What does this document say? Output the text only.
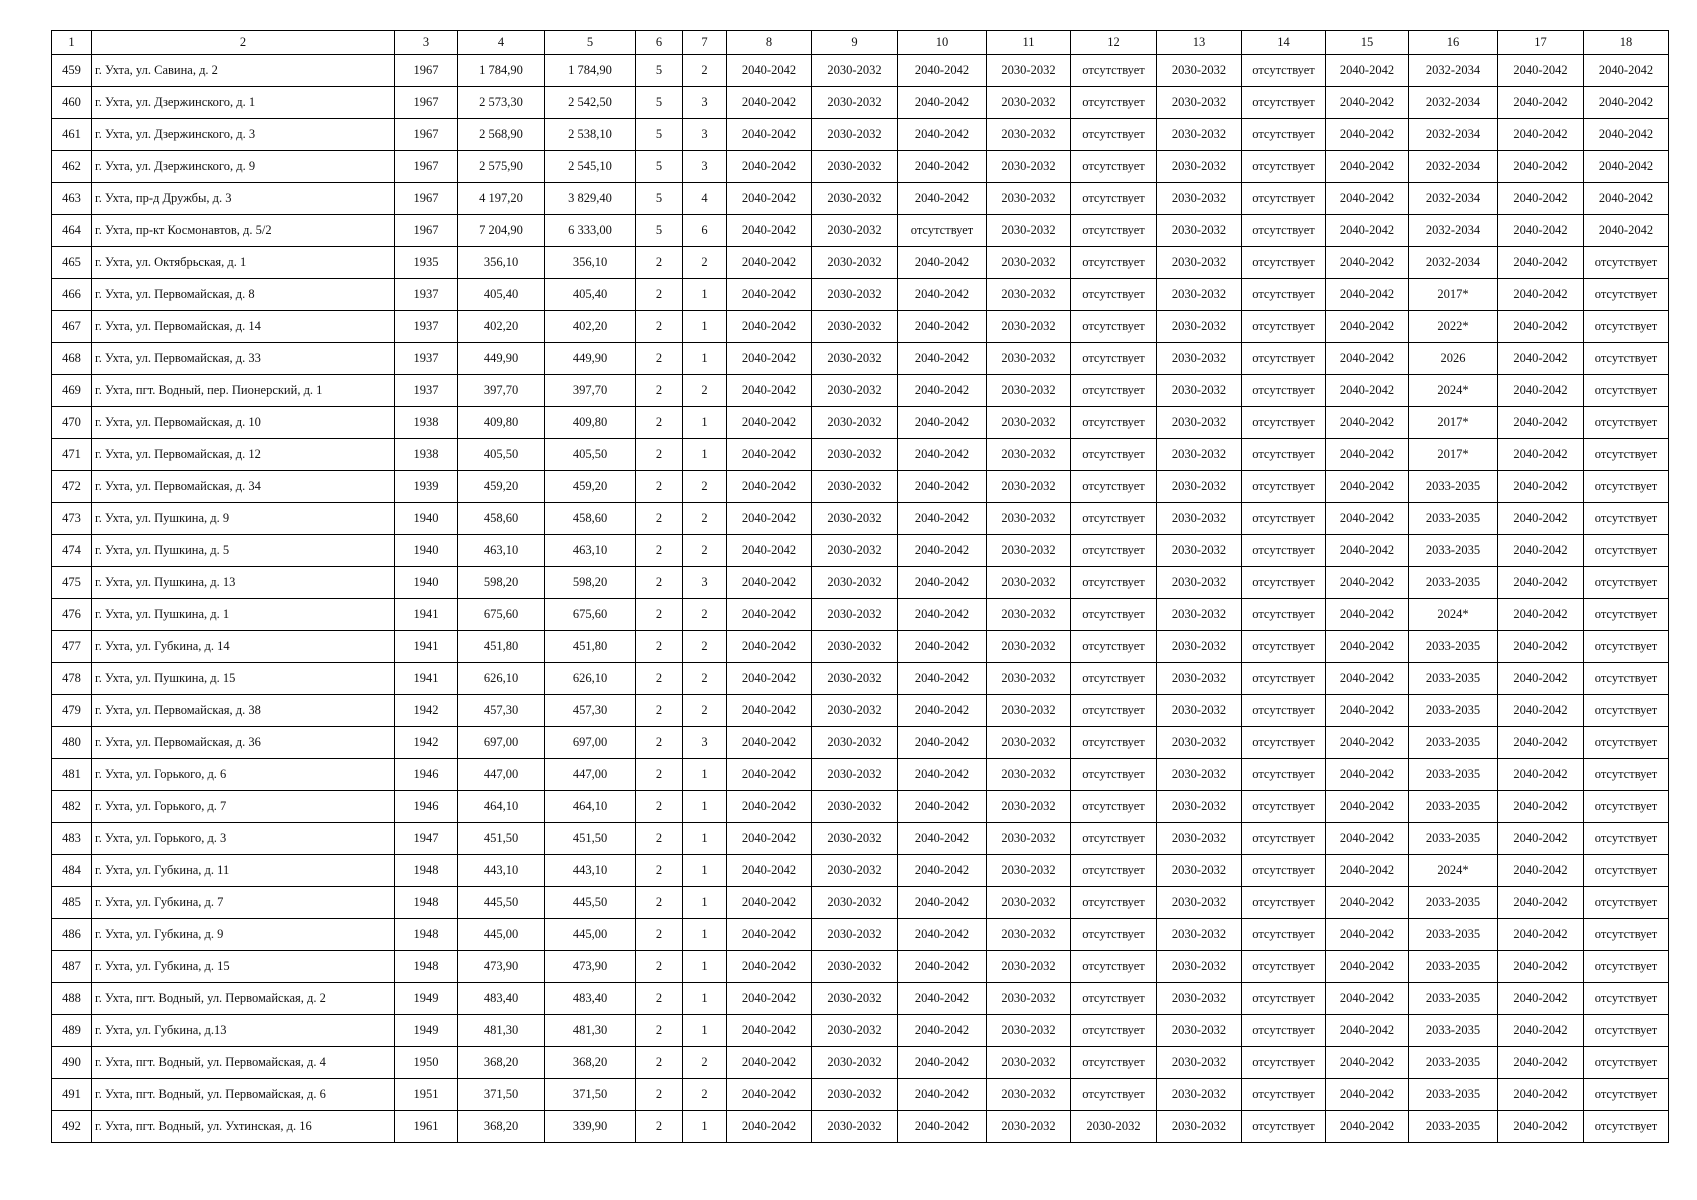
1	2	3	4	5	6	7	8	9	10	11	12	13	14	15	16	17	18
459	г. Ухта, ул. Савина, д. 2	1967	1 784,90	1 784,90	5	2	2040-2042	2030-2032	2040-2042	2030-2032	отсутствует	2030-2032	отсутствует	2040-2042	2032-2034	2040-2042	2040-2042
460	г. Ухта, ул. Дзержинского, д. 1	1967	2 573,30	2 542,50	5	3	2040-2042	2030-2032	2040-2042	2030-2032	отсутствует	2030-2032	отсутствует	2040-2042	2032-2034	2040-2042	2040-2042
461	г. Ухта, ул. Дзержинского, д. 3	1967	2 568,90	2 538,10	5	3	2040-2042	2030-2032	2040-2042	2030-2032	отсутствует	2030-2032	отсутствует	2040-2042	2032-2034	2040-2042	2040-2042
462	г. Ухта, ул. Дзержинского, д. 9	1967	2 575,90	2 545,10	5	3	2040-2042	2030-2032	2040-2042	2030-2032	отсутствует	2030-2032	отсутствует	2040-2042	2032-2034	2040-2042	2040-2042
463	г. Ухта, пр-д Дружбы, д. 3	1967	4 197,20	3 829,40	5	4	2040-2042	2030-2032	2040-2042	2030-2032	отсутствует	2030-2032	отсутствует	2040-2042	2032-2034	2040-2042	2040-2042
464	г. Ухта, пр-кт Космонавтов, д. 5/2	1967	7 204,90	6 333,00	5	6	2040-2042	2030-2032	отсутствует	2030-2032	отсутствует	2030-2032	отсутствует	2040-2042	2032-2034	2040-2042	2040-2042
465	г. Ухта, ул. Октябрьская, д. 1	1935	356,10	356,10	2	2	2040-2042	2030-2032	2040-2042	2030-2032	отсутствует	2030-2032	отсутствует	2040-2042	2032-2034	2040-2042	отсутствует
466	г. Ухта, ул. Первомайская, д. 8	1937	405,40	405,40	2	1	2040-2042	2030-2032	2040-2042	2030-2032	отсутствует	2030-2032	отсутствует	2040-2042	2017*	2040-2042	отсутствует
467	г. Ухта, ул. Первомайская, д. 14	1937	402,20	402,20	2	1	2040-2042	2030-2032	2040-2042	2030-2032	отсутствует	2030-2032	отсутствует	2040-2042	2022*	2040-2042	отсутствует
468	г. Ухта, ул. Первомайская, д. 33	1937	449,90	449,90	2	1	2040-2042	2030-2032	2040-2042	2030-2032	отсутствует	2030-2032	отсутствует	2040-2042	2026	2040-2042	отсутствует
469	г. Ухта, пгт. Водный, пер. Пионерский, д. 1	1937	397,70	397,70	2	2	2040-2042	2030-2032	2040-2042	2030-2032	отсутствует	2030-2032	отсутствует	2040-2042	2024*	2040-2042	отсутствует
470	г. Ухта, ул. Первомайская, д. 10	1938	409,80	409,80	2	1	2040-2042	2030-2032	2040-2042	2030-2032	отсутствует	2030-2032	отсутствует	2040-2042	2017*	2040-2042	отсутствует
471	г. Ухта, ул. Первомайская, д. 12	1938	405,50	405,50	2	1	2040-2042	2030-2032	2040-2042	2030-2032	отсутствует	2030-2032	отсутствует	2040-2042	2017*	2040-2042	отсутствует
472	г. Ухта, ул. Первомайская, д. 34	1939	459,20	459,20	2	2	2040-2042	2030-2032	2040-2042	2030-2032	отсутствует	2030-2032	отсутствует	2040-2042	2033-2035	2040-2042	отсутствует
473	г. Ухта, ул. Пушкина, д. 9	1940	458,60	458,60	2	2	2040-2042	2030-2032	2040-2042	2030-2032	отсутствует	2030-2032	отсутствует	2040-2042	2033-2035	2040-2042	отсутствует
474	г. Ухта, ул. Пушкина, д. 5	1940	463,10	463,10	2	2	2040-2042	2030-2032	2040-2042	2030-2032	отсутствует	2030-2032	отсутствует	2040-2042	2033-2035	2040-2042	отсутствует
475	г. Ухта, ул. Пушкина, д. 13	1940	598,20	598,20	2	3	2040-2042	2030-2032	2040-2042	2030-2032	отсутствует	2030-2032	отсутствует	2040-2042	2033-2035	2040-2042	отсутствует
476	г. Ухта, ул. Пушкина, д. 1	1941	675,60	675,60	2	2	2040-2042	2030-2032	2040-2042	2030-2032	отсутствует	2030-2032	отсутствует	2040-2042	2024*	2040-2042	отсутствует
477	г. Ухта, ул. Губкина, д. 14	1941	451,80	451,80	2	2	2040-2042	2030-2032	2040-2042	2030-2032	отсутствует	2030-2032	отсутствует	2040-2042	2033-2035	2040-2042	отсутствует
478	г. Ухта, ул. Пушкина, д. 15	1941	626,10	626,10	2	2	2040-2042	2030-2032	2040-2042	2030-2032	отсутствует	2030-2032	отсутствует	2040-2042	2033-2035	2040-2042	отсутствует
479	г. Ухта, ул. Первомайская, д. 38	1942	457,30	457,30	2	2	2040-2042	2030-2032	2040-2042	2030-2032	отсутствует	2030-2032	отсутствует	2040-2042	2033-2035	2040-2042	отсутствует
480	г. Ухта, ул. Первомайская, д. 36	1942	697,00	697,00	2	3	2040-2042	2030-2032	2040-2042	2030-2032	отсутствует	2030-2032	отсутствует	2040-2042	2033-2035	2040-2042	отсутствует
481	г. Ухта, ул. Горького, д. 6	1946	447,00	447,00	2	1	2040-2042	2030-2032	2040-2042	2030-2032	отсутствует	2030-2032	отсутствует	2040-2042	2033-2035	2040-2042	отсутствует
482	г. Ухта, ул. Горького, д. 7	1946	464,10	464,10	2	1	2040-2042	2030-2032	2040-2042	2030-2032	отсутствует	2030-2032	отсутствует	2040-2042	2033-2035	2040-2042	отсутствует
483	г. Ухта, ул. Горького, д. 3	1947	451,50	451,50	2	1	2040-2042	2030-2032	2040-2042	2030-2032	отсутствует	2030-2032	отсутствует	2040-2042	2033-2035	2040-2042	отсутствует
484	г. Ухта, ул. Губкина, д. 11	1948	443,10	443,10	2	1	2040-2042	2030-2032	2040-2042	2030-2032	отсутствует	2030-2032	отсутствует	2040-2042	2024*	2040-2042	отсутствует
485	г. Ухта, ул. Губкина, д. 7	1948	445,50	445,50	2	1	2040-2042	2030-2032	2040-2042	2030-2032	отсутствует	2030-2032	отсутствует	2040-2042	2033-2035	2040-2042	отсутствует
486	г. Ухта, ул. Губкина, д. 9	1948	445,00	445,00	2	1	2040-2042	2030-2032	2040-2042	2030-2032	отсутствует	2030-2032	отсутствует	2040-2042	2033-2035	2040-2042	отсутствует
487	г. Ухта, ул. Губкина, д. 15	1948	473,90	473,90	2	1	2040-2042	2030-2032	2040-2042	2030-2032	отсутствует	2030-2032	отсутствует	2040-2042	2033-2035	2040-2042	отсутствует
488	г. Ухта, пгт. Водный, ул. Первомайская, д. 2	1949	483,40	483,40	2	1	2040-2042	2030-2032	2040-2042	2030-2032	отсутствует	2030-2032	отсутствует	2040-2042	2033-2035	2040-2042	отсутствует
489	г. Ухта, ул. Губкина, д.13	1949	481,30	481,30	2	1	2040-2042	2030-2032	2040-2042	2030-2032	отсутствует	2030-2032	отсутствует	2040-2042	2033-2035	2040-2042	отсутствует
490	г. Ухта, пгт. Водный, ул. Первомайская, д. 4	1950	368,20	368,20	2	2	2040-2042	2030-2032	2040-2042	2030-2032	отсутствует	2030-2032	отсутствует	2040-2042	2033-2035	2040-2042	отсутствует
491	г. Ухта, пгт. Водный, ул. Первомайская, д. 6	1951	371,50	371,50	2	2	2040-2042	2030-2032	2040-2042	2030-2032	отсутствует	2030-2032	отсутствует	2040-2042	2033-2035	2040-2042	отсутствует
492	г. Ухта, пгт. Водный, ул. Ухтинская, д. 16	1961	368,20	339,90	2	1	2040-2042	2030-2032	2040-2042	2030-2032	2030-2032	2030-2032	отсутствует	2040-2042	2033-2035	2040-2042	отсутствует
